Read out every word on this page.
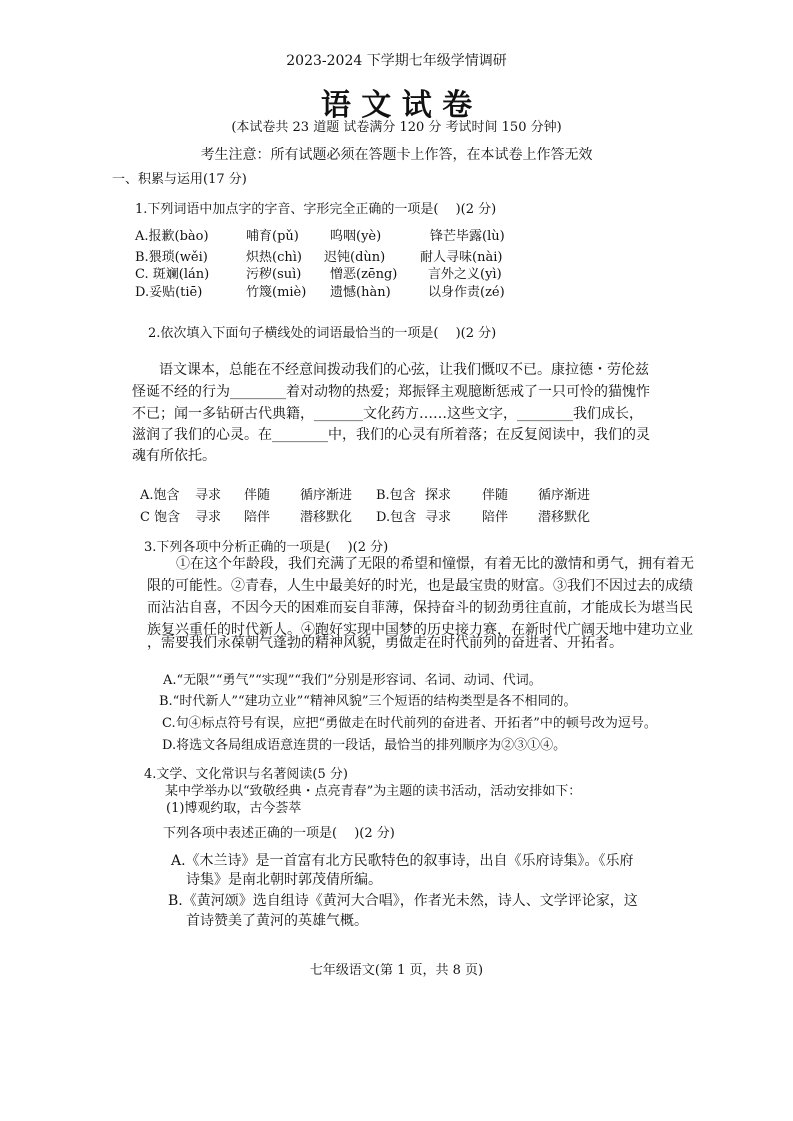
2023-2024 下学期七年级学情调研
语 文 试 卷
(本试卷共 23 道题 试卷满分 120 分 考试时间 150 分钟)
考生注意：所有试题必须在答题卡上作答，在本试卷上作答无效
一、积累与运用(17 分)
1.下列词语中加点字的字音、字形完全正确的一项是(　 )(2 分)
A.报歉(bào)	哺育(pǔ) 呜咽(yè)	锋芒毕露(lù)
B.猥琐(wěi)	炽热(chì) 迟钝(dùn)	耐人寻味(nài)
C. 斑斓(lán)	污秽(suì) 憎恶(zēng) 言外之义(yì)
D.妥贴(tiē)	竹篾(miè) 遗憾(hàn)	以身作责(zé)
2.依次填入下面句子横线处的词语最恰当的一项是(　 )(2 分)
语文课本，总能在不经意间拨动我们的心弦，让我们慨叹不已。康拉德・劳伦兹
怪诞不经的行为________着对动物的热爱；郑振铎主观臆断惩戒了一只可怜的猫愧怍
不已；闻一多钻研古代典籍，_______文化药方……这些文字，________我们成长，
滋润了我们的心灵。在________中，我们的心灵有所着落；在反复阅读中，我们的灵
魂有所依托。
A.饱含 寻求 伴随 循序渐进 B.包含 探求 伴随 循序渐进
C 饱含 寻求 陪伴 潜移默化 D.包含 寻求 陪伴 潜移默化
3.下列各项中分析正确的一项是(　 )(2 分)
①在这个年龄段，我们充满了无限的希望和憧憬，有着无比的激情和勇气，拥有着无
限的可能性。②青春，人生中最美好的时光，也是最宝贵的财富。③我们不因过去的成绩
而沾沾自喜，不因今天的困难而妄自菲薄，保持奋斗的韧劲勇往直前，才能成长为堪当民
族复兴重任的时代新人。④跑好实现中国梦的历史接力赛，在新时代广阔天地中建功立业
，需要我们永葆朝气蓬勃的精神风貌，勇做走在时代前列的奋进者、开拓者。
A.“无限”“勇气”“实现”“我们”分别是形容词、名词、动词、代词。
B.“时代新人”“建功立业”“精神风貌”三个短语的结构类型是各不相同的。
C.句④标点符号有误，应把“勇做走在时代前列的奋进者、开拓者”中的顿号改为逗号。
D.将选文各局组成语意连贯的一段话，最恰当的排列顺序为②③①④。
4.文学、文化常识与名著阅读(5 分)
某中学举办以“致敬经典・点亮青春”为主题的读书活动，活动安排如下：
(1)博观约取，古今荟萃
下列各项中表述正确的一项是(　 )(2 分)
A.《木兰诗》是一首富有北方民歌特色的叙事诗，出自《乐府诗集》。《乐府
诗集》是南北朝时郭茂倩所编。
B.《黄河颂》选自组诗《黄河大合唱》，作者光未然，诗人、文学评论家，这
首诗赞美了黄河的英雄气概。
七年级语文(第 1 页，共 8 页)
